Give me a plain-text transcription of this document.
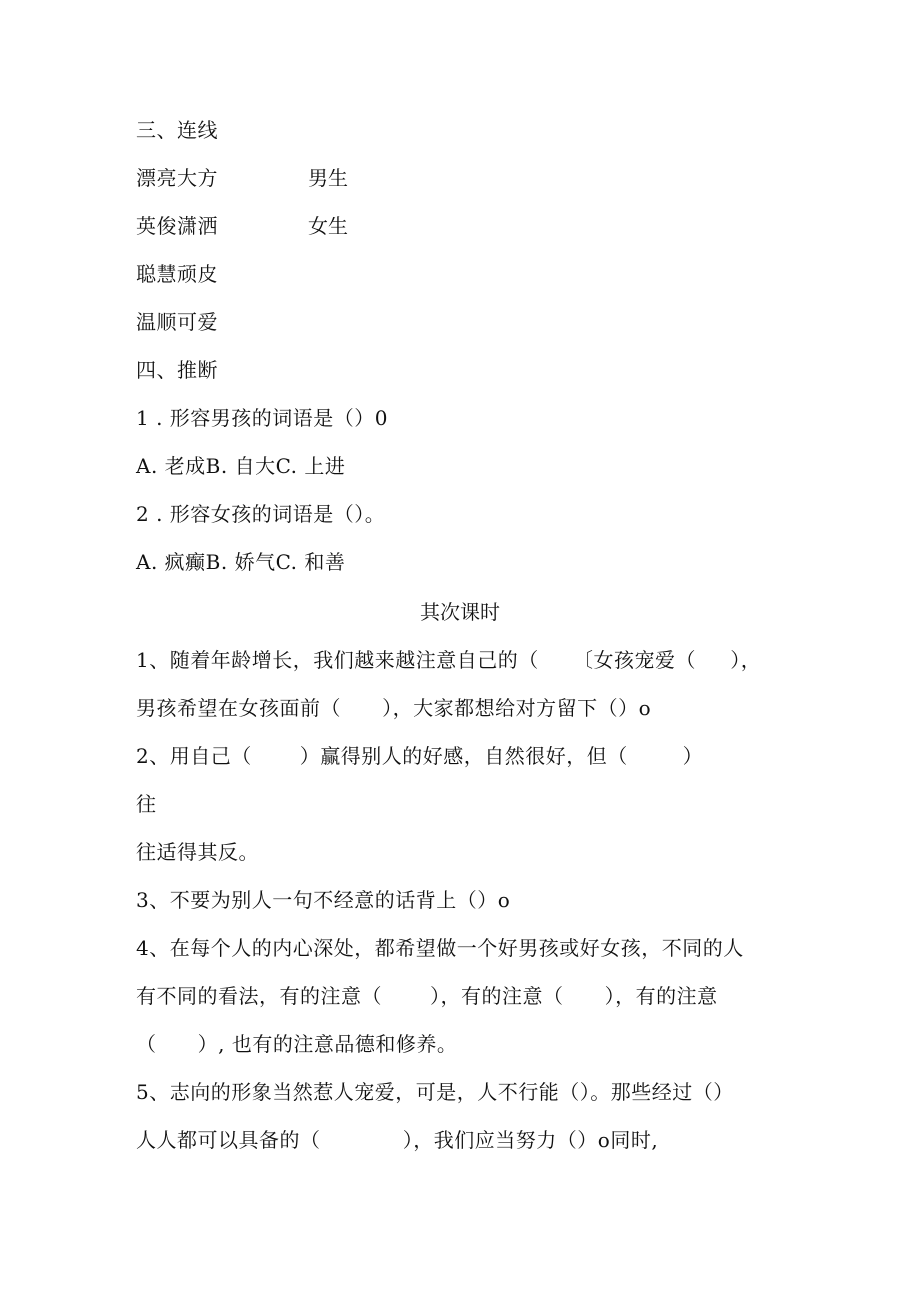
三、连线
漂亮大方	男生
英俊潇洒	女生
聪慧顽皮
温顺可爱
四、推断
1 . 形容男孩的词语是（）0
A. 老成B. 自大C. 上进
2 . 形容女孩的词语是（）。
A. 疯癫B. 娇气C. 和善
其次课时
1、随着年龄增长，我们越来越注意自己的（     〔女孩宠爱（     ），
男孩希望在女孩面前（      ），大家都想给对方留下（）o
2、用自己（       ）赢得别人的好感，自然很好，但（        ）
往
往适得其反。
3、不要为别人一句不经意的话背上（）o
4、在每个人的内心深处，都希望做一个好男孩或好女孩，不同的人
有不同的看法，有的注意（       ），有的注意（      ），有的注意
（      ）, 也有的注意品德和修养。
5、志向的形象当然惹人宠爱，可是，人不行能（）。那些经过（）
人人都可以具备的（            ），我们应当努力（）o同时,
